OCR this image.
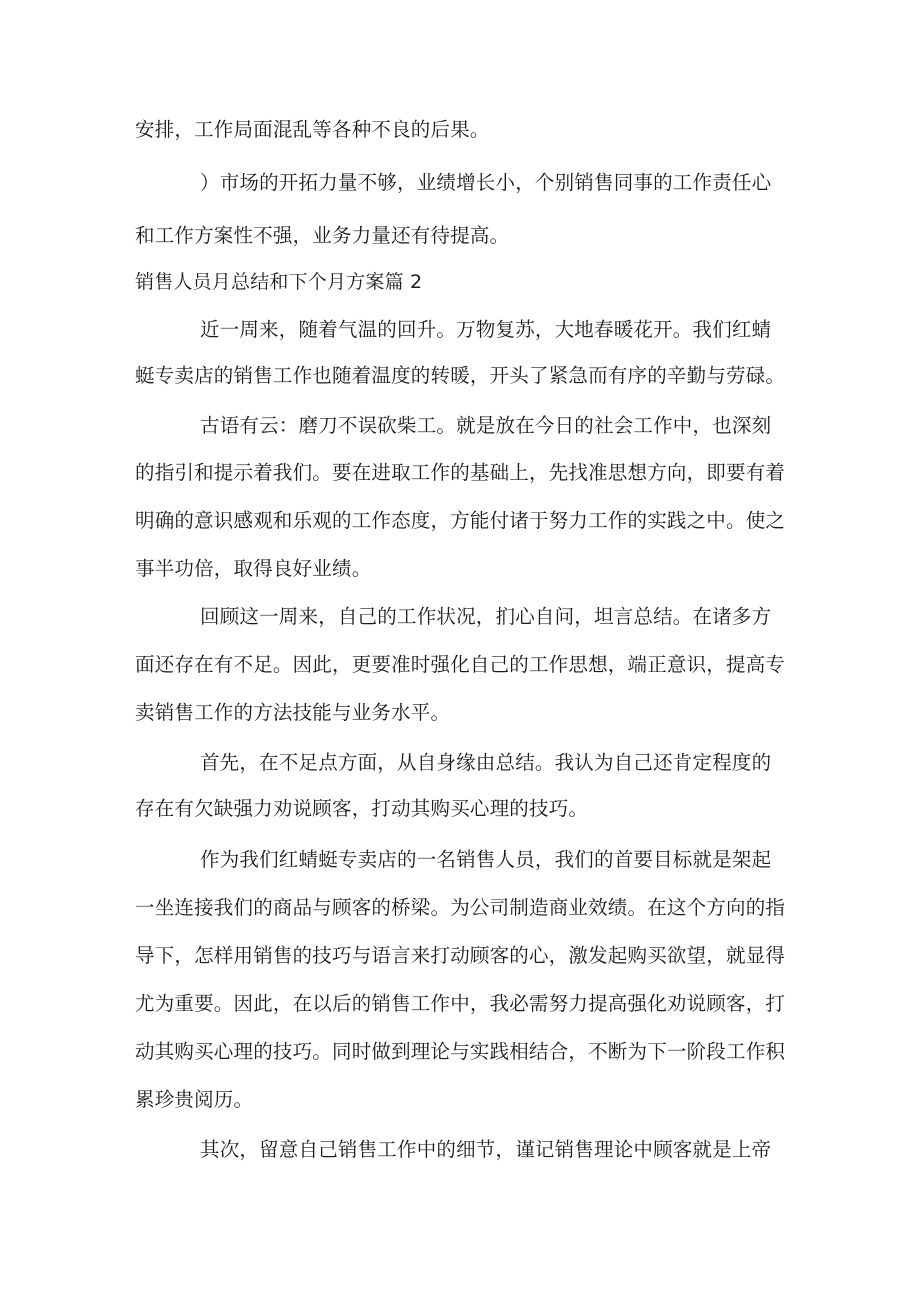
安排，工作局面混乱等各种不良的后果。
）市场的开拓力量不够，业绩增长小，个别销售同事的工作责任心
和工作方案性不强，业务力量还有待提高。
销售人员月总结和下个月方案篇 2
近一周来，随着气温的回升。万物复苏，大地春暖花开。我们红蜻
蜓专卖店的销售工作也随着温度的转暖，开头了紧急而有序的辛勤与劳碌。
古语有云：磨刀不误砍柴工。就是放在今日的社会工作中，也深刻
的指引和提示着我们。要在进取工作的基础上，先找准思想方向，即要有着
明确的意识感观和乐观的工作态度，方能付诸于努力工作的实践之中。使之
事半功倍，取得良好业绩。
回顾这一周来，自己的工作状况，扪心自问，坦言总结。在诸多方
面还存在有不足。因此，更要准时强化自己的工作思想，端正意识，提高专
卖销售工作的方法技能与业务水平。
首先，在不足点方面，从自身缘由总结。我认为自己还肯定程度的
存在有欠缺强力劝说顾客，打动其购买心理的技巧。
作为我们红蜻蜓专卖店的一名销售人员，我们的首要目标就是架起
一坐连接我们的商品与顾客的桥梁。为公司制造商业效绩。在这个方向的指
导下，怎样用销售的技巧与语言来打动顾客的心，激发起购买欲望，就显得
尤为重要。因此，在以后的销售工作中，我必需努力提高强化劝说顾客，打
动其购买心理的技巧。同时做到理论与实践相结合，不断为下一阶段工作积
累珍贵阅历。
其次，留意自己销售工作中的细节，谨记销售理论中顾客就是上帝
